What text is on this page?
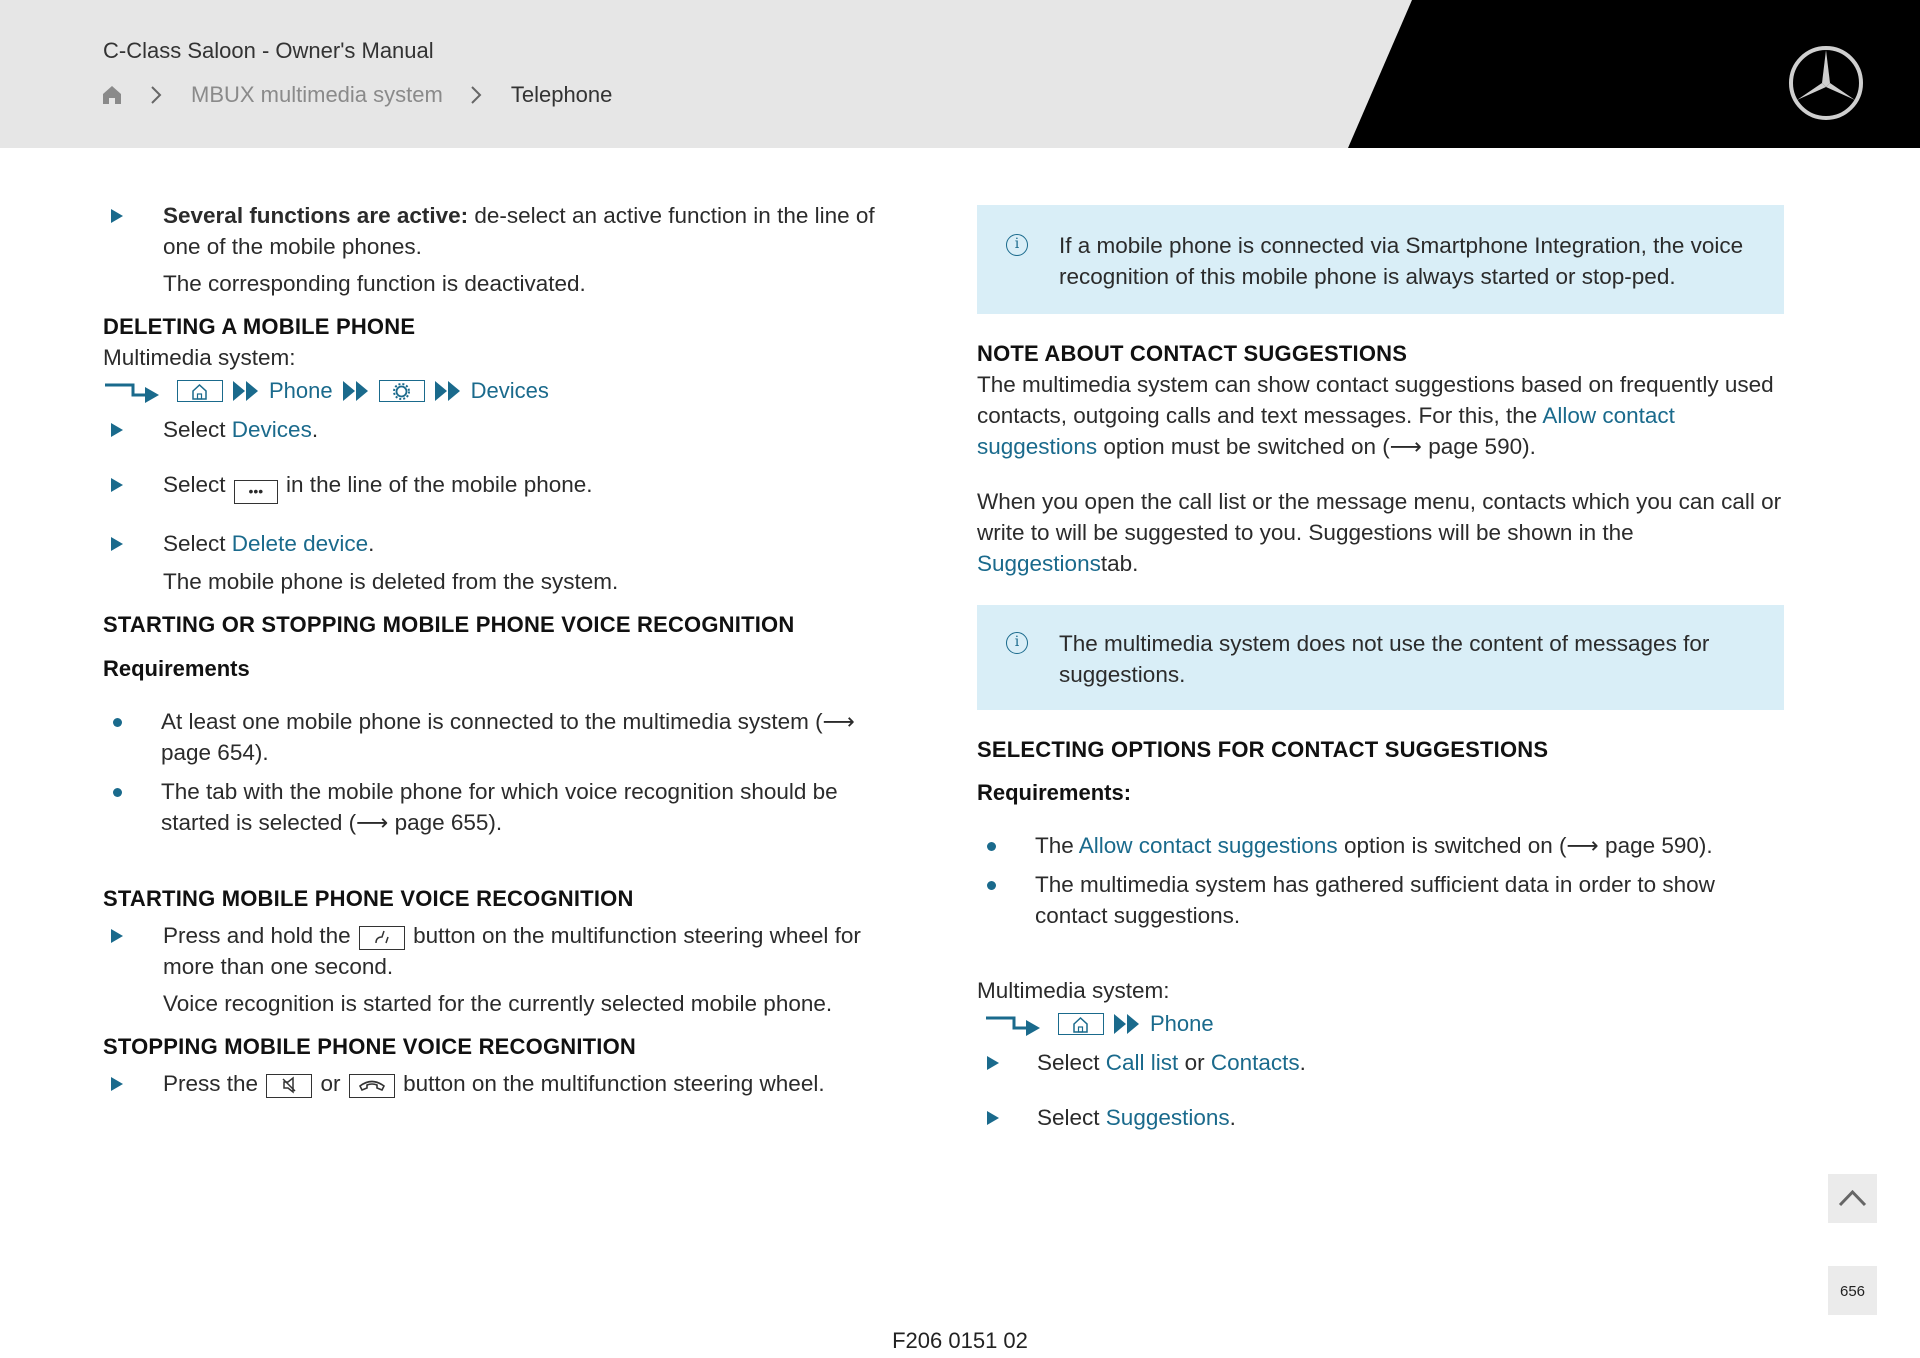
C-Class Saloon - Owner's Manual
MBUX multimedia system	Telephone

Several functions are active: de-select an active function in the line of one of the mobile phones.

The corresponding function is deactivated.

DELETING A MOBILE PHONE

Multimedia system:

Phone	Devices

Select Devices.

Select ••• in the line of the mobile phone.

Select Delete device.

The mobile phone is deleted from the system.

STARTING OR STOPPING MOBILE PHONE VOICE RECOGNITION
Requirements

At least one mobile phone is connected to the multimedia system (⟶ page 654).

The tab with the mobile phone for which voice recognition should be started is selected (⟶ page 655).

STARTING MOBILE PHONE VOICE RECOGNITION

Press and hold the  button on the multifunction steering wheel for more than one second.

Voice recognition is started for the currently selected mobile phone.

STOPPING MOBILE PHONE VOICE RECOGNITION

Press the  or  button on the multifunction steering wheel.

i	If a mobile phone is connected via Smartphone Integration, the voice recognition of this mobile phone is always started or stop-ped.

NOTE ABOUT CONTACT SUGGESTIONS

The multimedia system can show contact suggestions based on frequently used contacts, outgoing calls and text messages. For this, the Allow contact suggestions option must be switched on (⟶ page 590).

When you open the call list or the message menu, contacts which you can call or write to will be suggested to you. Suggestions will be shown in the Suggestionstab.

i	The multimedia system does not use the content of messages for suggestions.

SELECTING OPTIONS FOR CONTACT SUGGESTIONS
Requirements:

The Allow contact suggestions option is switched on (⟶ page 590).

The multimedia system has gathered sufficient data in order to show contact suggestions.

Multimedia system:

Phone

Select Call list or Contacts.

Select Suggestions.

656
F206 0151 02
